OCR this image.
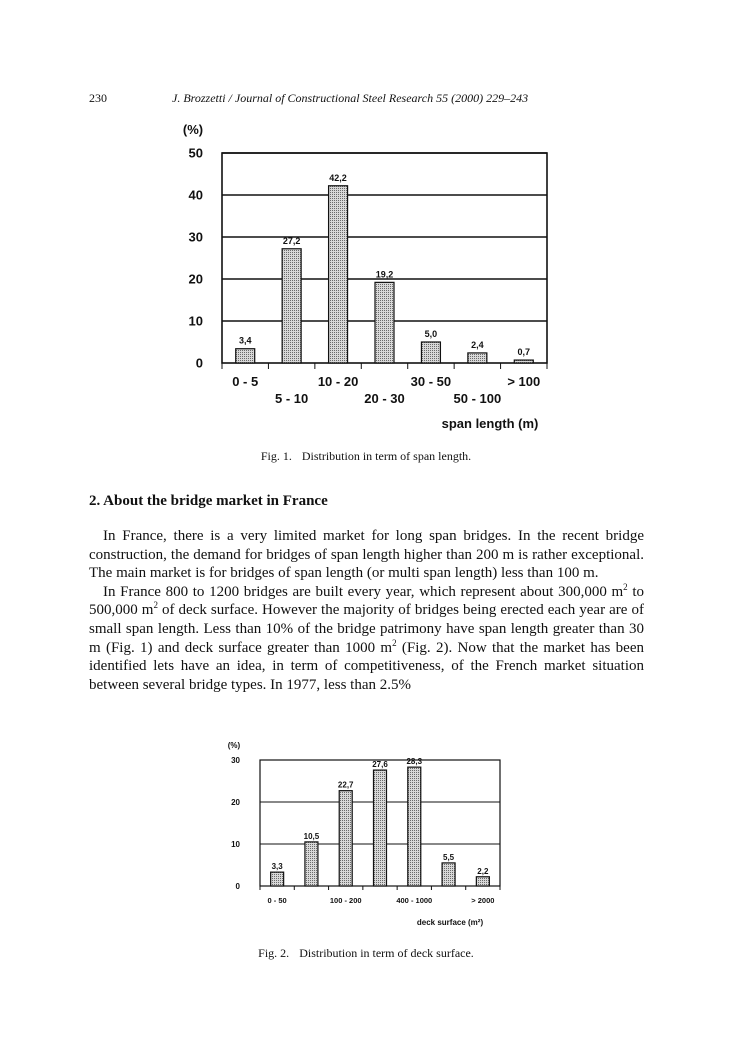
230	J. Brozzetti / Journal of Constructional Steel Research 55 (2000) 229–243
0
10
20
30
40
50
(%)
3,4
27,2
42,2
19,2
5,0
2,4
0,7
0 - 5
5 - 10
10 - 20
20 - 30
30 - 50
50 - 100
> 100
span length (m)
Fig. 1. Distribution in term of span length.
2. About the bridge market in France

In France, there is a very limited market for long span bridges. In the recent bridge construction, the demand for bridges of span length higher than 200 m is rather exceptional. The main market is for bridges of span length (or multi span length) less than 100 m.

In France 800 to 1200 bridges are built every year, which represent about 300,000 $m^2$ to 500,000 $m^2$ of deck surface. However the majority of bridges being erected each year are of small span length. Less than 10% of the bridge patrimony have span length greater than 30 m (Fig. 1) and deck surface greater than 1000 $m^2$ (Fig. 2). Now that the market has been identified lets have an idea, in term of competitiveness, of the French market situation between several bridge types. In 1977, less than 2.5%

0
10
20
30
(%)
3,3
10,5
22,7
27,6 28,3
5,5
2,2
0 - 50	100 - 200	400 - 1000	> 2000
deck surface (m²)
Fig. 2. Distribution in term of deck surface.
